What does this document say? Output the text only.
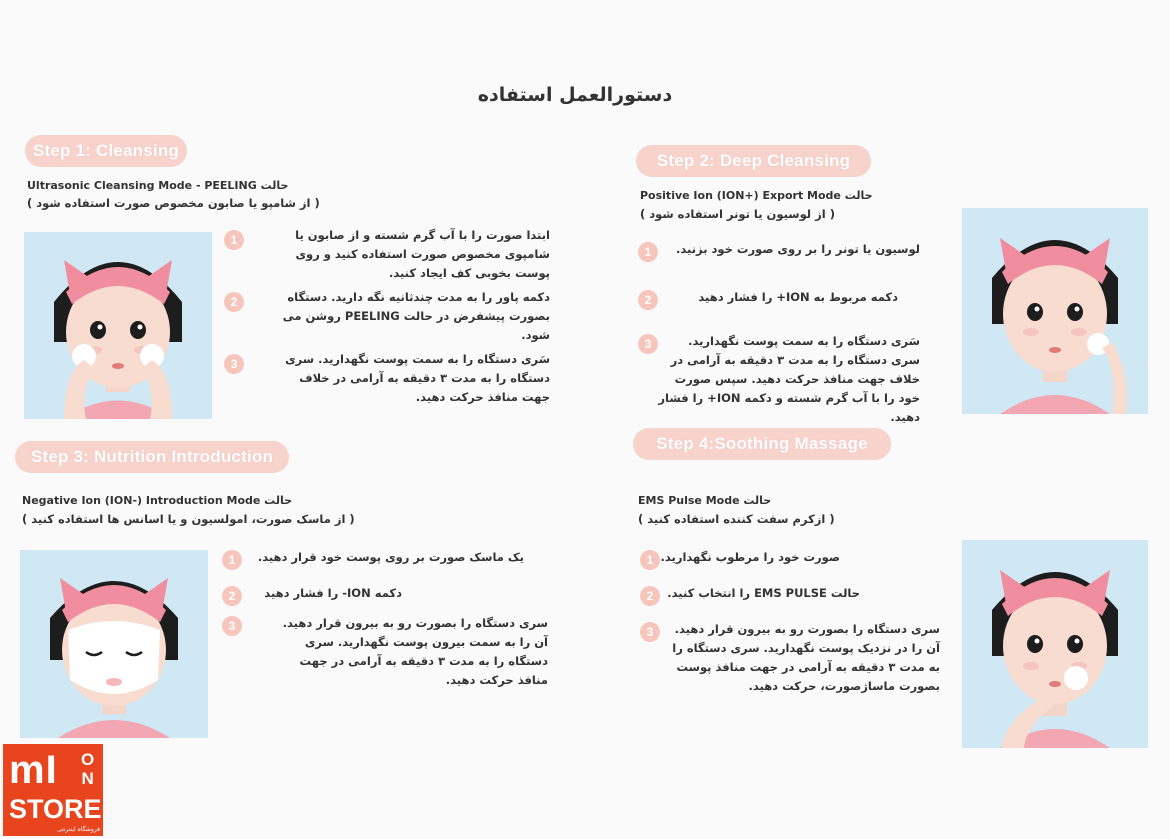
دستورالعمل استفاده
Step 1: Cleansing
Ultrasonic Cleansing Mode - PEELING حالت
( از شامپو یا صابون مخصوص صورت استفاده شود )
1	ابتدا صورت را با آب گرم شسته و از صابون یا شامپوی مخصوص صورت استفاده کنید و روی پوست بخوبی کف ایجاد کنید.
2	دکمه پاور را به مدت چندثانیه نگه دارید. دستگاه بصورت پیشفرض در حالت PEELING روشن می شود.
3	سَری دستگاه را به سمت پوست نگهدارید. سری دستگاه را به مدت ۳ دقیقه به آرامی در خلاف جهت منافذ حرکت دهید.
Step 2: Deep Cleansing
Positive Ion (ION+) Export Mode حالت
( از لوسیون یا تونر استفاده شود )
1	لوسیون یا تونر را بر روی صورت خود بزنید.
2	دکمه مربوط به ION+ را فشار دهید
3	سَری دستگاه را به سمت پوست نگهدارید. سری دستگاه را به مدت ۳ دقیقه به آرامی در خلاف جهت منافذ حرکت دهید. سپس صورت خود را با آب گرم شسته و دکمه ION+ را فشار دهید.
Step 3: Nutrition Introduction
Negative Ion (ION-) Introduction Mode حالت
( از ماسک صورت، امولسیون و یا اسانس ها استفاده کنید )
1	یک ماسک صورت بر روی پوست خود قرار دهید.
2	دکمه ION- را فشار دهید
3	سری دستگاه را بصورت رو به بیرون قرار دهید. آن را به سمت بیرون پوست نگهدارید. سری دستگاه را به مدت ۳ دقیقه به آرامی در جهت منافذ حرکت دهید.
Step 4:Soothing Massage
EMS Pulse Mode حالت
( ازکرم سفت کننده استفاده کنید )
1 صورت خود را مرطوب نگهدارید.
2	حالت EMS PULSE را انتخاب کنید.
3	سری دستگاه را بصورت رو به بیرون قرار دهید. آن را در نزدیک پوست نگهدارید. سری دستگاه را به مدت ۳ دقیقه به آرامی در جهت منافذ پوست بصورت ماساژصورت، حرکت دهید.
mI O
N
STORE
فروشگاه اینترنتی
